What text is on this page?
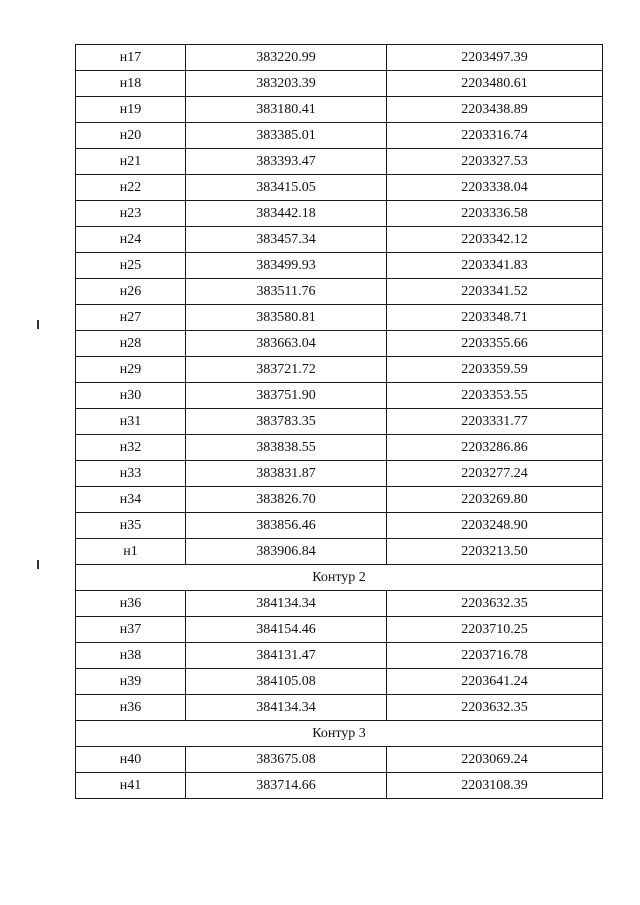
н17	383220.99	2203497.39
н18	383203.39	2203480.61
н19	383180.41	2203438.89
н20	383385.01	2203316.74
н21	383393.47	2203327.53
н22	383415.05	2203338.04
н23	383442.18	2203336.58
н24	383457.34	2203342.12
н25	383499.93	2203341.83
н26	383511.76	2203341.52
н27	383580.81	2203348.71
н28	383663.04	2203355.66
н29	383721.72	2203359.59
н30	383751.90	2203353.55
н31	383783.35	2203331.77
н32	383838.55	2203286.86
н33	383831.87	2203277.24
н34	383826.70	2203269.80
н35	383856.46	2203248.90
н1	383906.84	2203213.50
Контур 2		
н36	384134.34	2203632.35
н37	384154.46	2203710.25
н38	384131.47	2203716.78
н39	384105.08	2203641.24
н36	384134.34	2203632.35
Контур 3		
н40	383675.08	2203069.24
н41	383714.66	2203108.39
